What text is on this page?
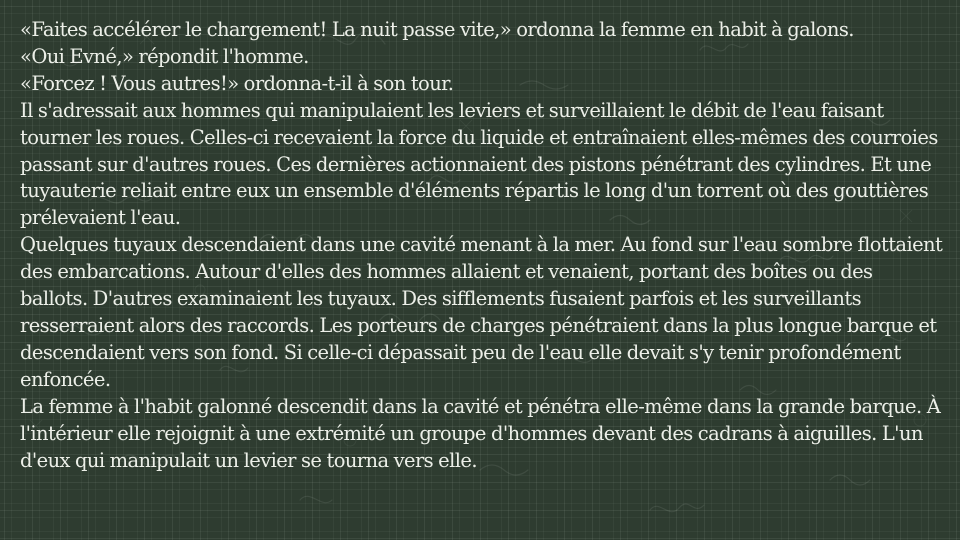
«Faites accélérer le chargement! La nuit passe vite,» ordonna la femme en habit à galons.

«Oui Evné,» répondit l'homme.

«Forcez ! Vous autres!» ordonna-t-il à son tour.

Il s'adressait aux hommes qui manipulaient les leviers et surveillaient le débit de l'eau faisant tourner les roues. Celles-ci recevaient la force du liquide et entraînaient elles-mêmes des courroies passant sur d'autres roues. Ces dernières actionnaient des pistons pénétrant des cylindres. Et une tuyauterie reliait entre eux un ensemble d'éléments répartis le long d'un torrent où des gouttières prélevaient l'eau.

Quelques tuyaux descendaient dans une cavité menant à la mer. Au fond sur l'eau sombre flottaient des embarcations. Autour d'elles des hommes allaient et venaient, portant des boîtes ou des ballots. D'autres examinaient les tuyaux. Des sifflements fusaient parfois et les surveillants resserraient alors des raccords. Les porteurs de charges pénétraient dans la plus longue barque et descendaient vers son fond. Si celle-ci dépassait peu de l'eau elle devait s'y tenir profondément enfoncée.

La femme à l'habit galonné descendit dans la cavité et pénétra elle-même dans la grande barque. À l'intérieur elle rejoignit à une extrémité un groupe d'hommes devant des cadrans à aiguilles. L'un d'eux qui manipulait un levier se tourna vers elle.
